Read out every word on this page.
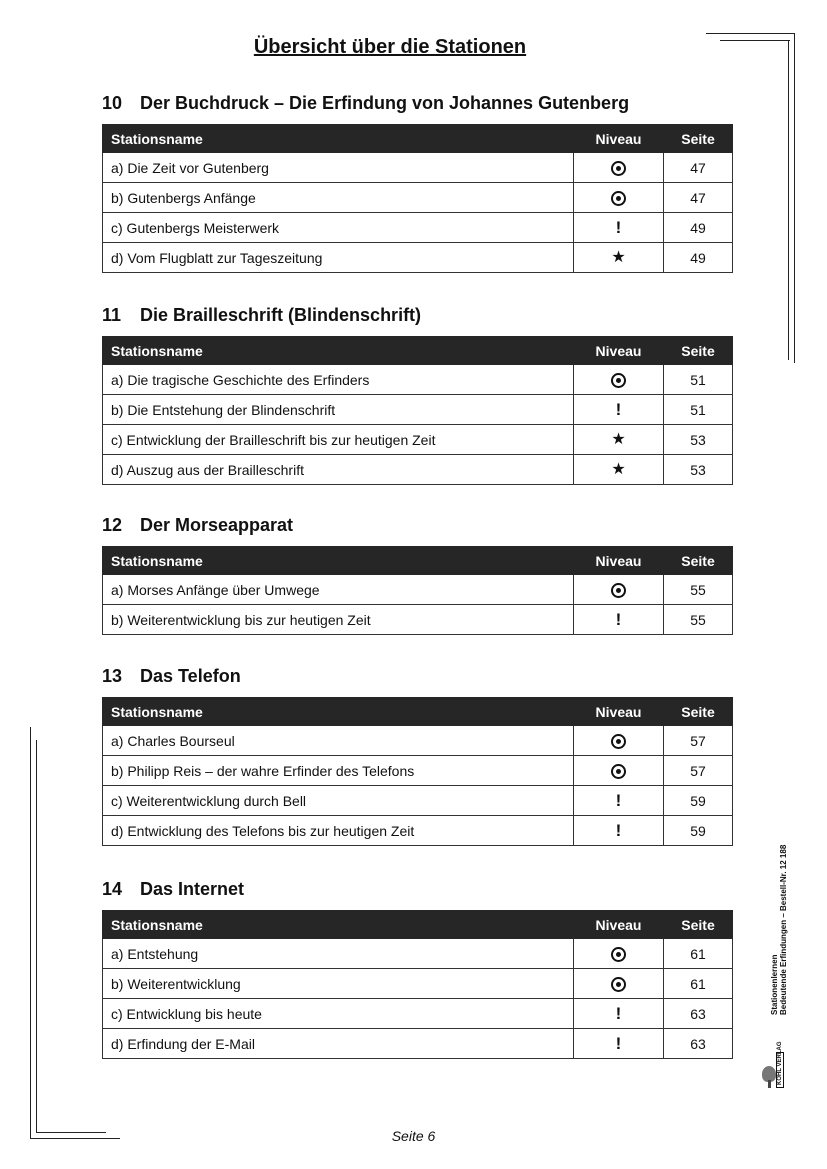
Übersicht über die Stationen
10 Der Buchdruck – Die Erfindung von Johannes Gutenberg
Stationsname	Niveau	Seite
a) Die Zeit vor Gutenberg		47
b) Gutenbergs Anfänge		47
c) Gutenbergs Meisterwerk	!	49
d) Vom Flugblatt zur Tageszeitung	★	49
11 Die Brailleschrift (Blindenschrift)
Stationsname	Niveau	Seite
a) Die tragische Geschichte des Erfinders		51
b) Die Entstehung der Blindenschrift	!	51
c) Entwicklung der Brailleschrift bis zur heutigen Zeit	★	53
d) Auszug aus der Brailleschrift	★	53
12 Der Morseapparat
Stationsname	Niveau	Seite
a) Morses Anfänge über Umwege		55
b) Weiterentwicklung bis zur heutigen Zeit	!	55
13 Das Telefon
Stationsname	Niveau	Seite
a) Charles Bourseul		57
b) Philipp Reis – der wahre Erfinder des Telefons		57
c) Weiterentwicklung durch Bell	!	59
d) Entwicklung des Telefons bis zur heutigen Zeit	!	59
14 Das Internet
Stationsname	Niveau	Seite
a) Entstehung		61
b) Weiterentwicklung		61
c) Entwicklung bis heute	!	63
d) Erfindung der E-Mail	!	63
Stationenlernen Bedeutende Erfindungen – Bestell-Nr. 12 188
KOHL VERLAG
Seite 6
